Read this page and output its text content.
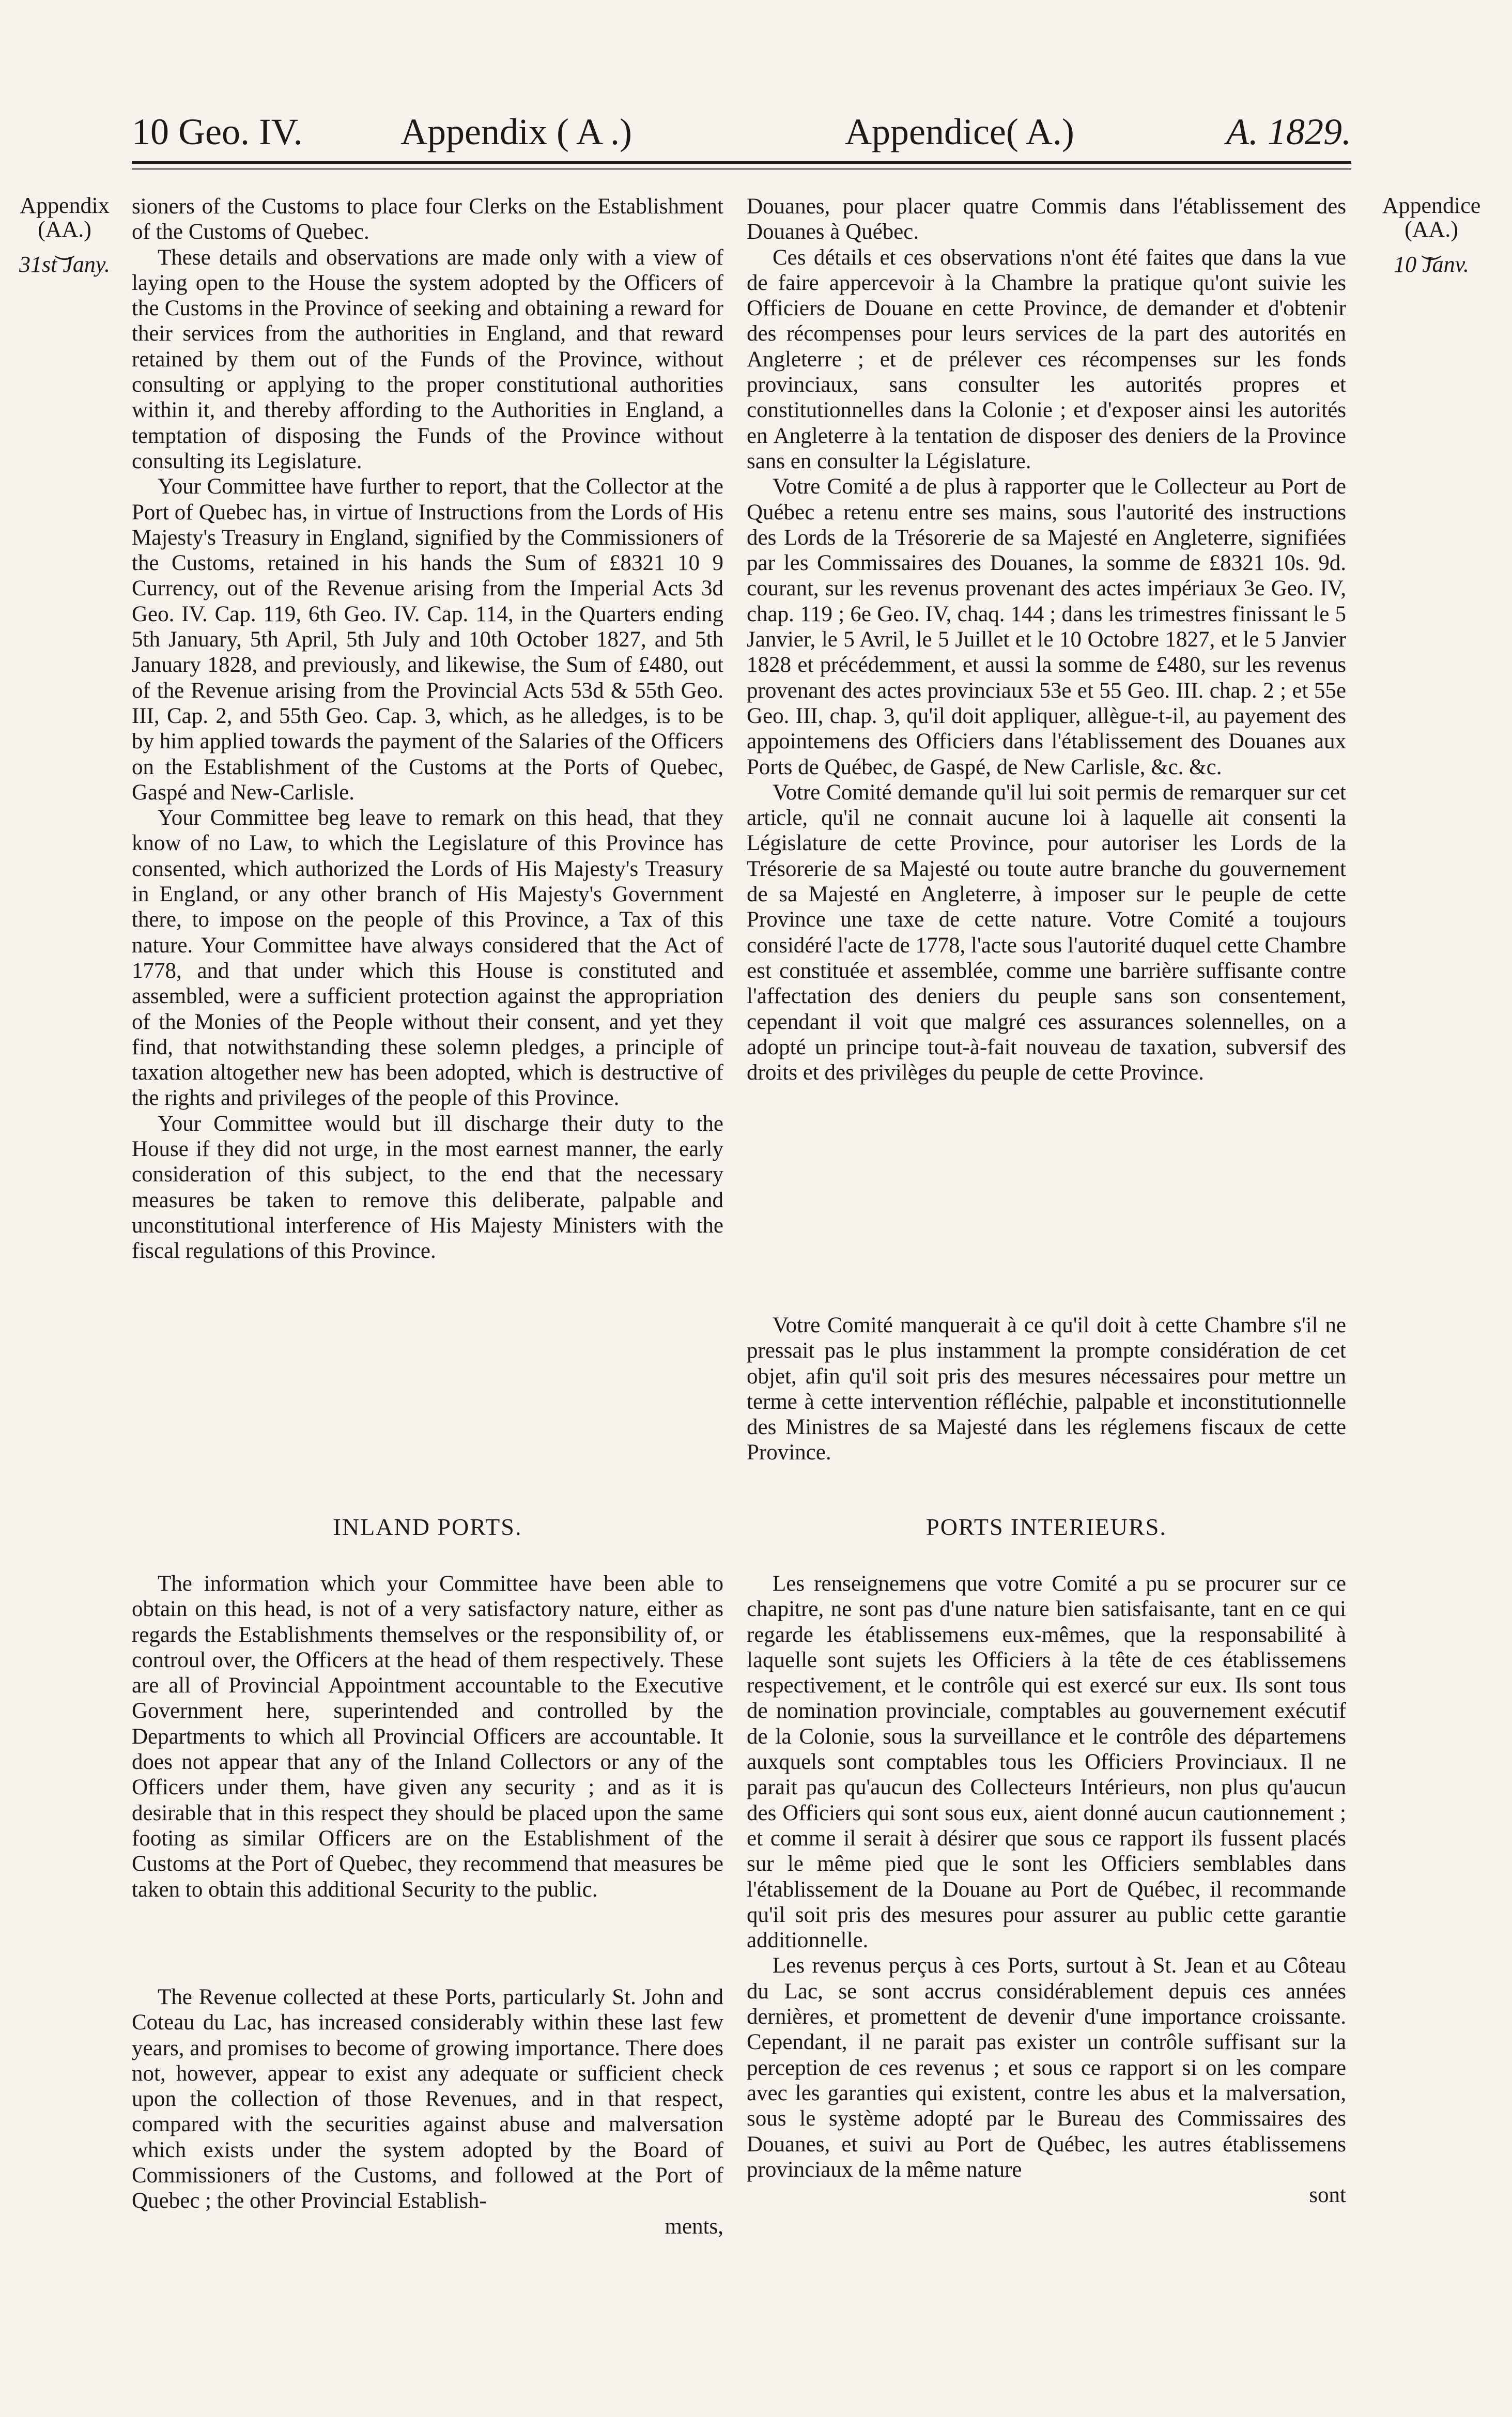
10 Geo. IV.	Appendix ( A .)	Appendice( A.)	A. 1829.
Appendix
(AA.)
⏝
31st Jany.
Appendice
(AA.)
⏝
10 Janv.

sioners of the Customs to place four Clerks on the Establishment of the Customs of Quebec.

These details and observations are made only with a view of laying open to the House the system adopted by the Officers of the Customs in the Province of seeking and obtaining a reward for their services from the authorities in England, and that reward retained by them out of the Funds of the Province, without consulting or applying to the proper constitutional authorities within it, and thereby affording to the Authorities in England, a temptation of disposing the Funds of the Province without consulting its Legislature.

Your Committee have further to report, that the Collector at the Port of Quebec has, in virtue of Instructions from the Lords of His Majesty's Treasury in England, signified by the Commissioners of the Customs, retained in his hands the Sum of £8321 10 9 Currency, out of the Revenue arising from the Imperial Acts 3d Geo. IV. Cap. 119, 6th Geo. IV. Cap. 114, in the Quarters ending 5th January, 5th April, 5th July and 10th October 1827, and 5th January 1828, and previously, and likewise, the Sum of £480, out of the Revenue arising from the Provincial Acts 53d & 55th Geo. III, Cap. 2, and 55th Geo. Cap. 3, which, as he alledges, is to be by him applied towards the payment of the Salaries of the Officers on the Establishment of the Customs at the Ports of Quebec, Gaspé and New-Carlisle.

Your Committee beg leave to remark on this head, that they know of no Law, to which the Legislature of this Province has consented, which authorized the Lords of His Majesty's Treasury in England, or any other branch of His Majesty's Government there, to impose on the people of this Province, a Tax of this nature. Your Committee have always considered that the Act of 1778, and that under which this House is constituted and assembled, were a sufficient protection against the appropriation of the Monies of the People without their consent, and yet they find, that notwithstanding these solemn pledges, a principle of taxation altogether new has been adopted, which is destructive of the rights and privileges of the people of this Province.

Your Committee would but ill discharge their duty to the House if they did not urge, in the most earnest manner, the early consideration of this subject, to the end that the necessary measures be taken to remove this deliberate, palpable and unconstitutional interference of His Majesty Ministers with the fiscal regulations of this Province.

INLAND PORTS.

The information which your Committee have been able to obtain on this head, is not of a very satisfactory nature, either as regards the Establishments themselves or the responsibility of, or controul over, the Officers at the head of them respectively. These are all of Provincial Appointment accountable to the Executive Government here, superintended and controlled by the Departments to which all Provincial Officers are accountable. It does not appear that any of the Inland Collectors or any of the Officers under them, have given any security ; and as it is desirable that in this respect they should be placed upon the same footing as similar Officers are on the Establishment of the Customs at the Port of Quebec, they recommend that measures be taken to obtain this additional Security to the public.

The Revenue collected at these Ports, particularly St. John and Coteau du Lac, has increased considerably within these last few years, and promises to become of growing importance. There does not, however, appear to exist any adequate or sufficient check upon the collection of those Revenues, and in that respect, compared with the securities against abuse and malversation which exists under the system adopted by the Board of Commissioners of the Customs, and followed at the Port of Quebec ; the other Provincial Establish-

ments,

Douanes, pour placer quatre Commis dans l'établissement des Douanes à Québec.

Ces détails et ces observations n'ont été faites que dans la vue de faire appercevoir à la Chambre la pratique qu'ont suivie les Officiers de Douane en cette Province, de demander et d'obtenir des récompenses pour leurs services de la part des autorités en Angleterre ; et de prélever ces récompenses sur les fonds provinciaux, sans consulter les autorités propres et constitutionnelles dans la Colonie ; et d'exposer ainsi les autorités en Angleterre à la tentation de disposer des deniers de la Province sans en consulter la Législature.

Votre Comité a de plus à rapporter que le Collecteur au Port de Québec a retenu entre ses mains, sous l'autorité des instructions des Lords de la Trésorerie de sa Majesté en Angleterre, signifiées par les Commissaires des Douanes, la somme de £8321 10s. 9d. courant, sur les revenus provenant des actes impériaux 3e Geo. IV, chap. 119 ; 6e Geo. IV, chaq. 144 ; dans les trimestres finissant le 5 Janvier, le 5 Avril, le 5 Juillet et le 10 Octobre 1827, et le 5 Janvier 1828 et précédemment, et aussi la somme de £480, sur les revenus provenant des actes provinciaux 53e et 55 Geo. III. chap. 2 ; et 55e Geo. III, chap. 3, qu'il doit appliquer, allègue-t-il, au payement des appointemens des Officiers dans l'établissement des Douanes aux Ports de Québec, de Gaspé, de New Carlisle, &c. &c.

Votre Comité demande qu'il lui soit permis de remarquer sur cet article, qu'il ne connait aucune loi à laquelle ait consenti la Législature de cette Province, pour autoriser les Lords de la Trésorerie de sa Majesté ou toute autre branche du gouvernement de sa Majesté en Angleterre, à imposer sur le peuple de cette Province une taxe de cette nature. Votre Comité a toujours considéré l'acte de 1778, l'acte sous l'autorité duquel cette Chambre est constituée et assemblée, comme une barrière suffisante contre l'affectation des deniers du peuple sans son consentement, cependant il voit que malgré ces assurances solennelles, on a adopté un principe tout-à-fait nouveau de taxation, subversif des droits et des privilèges du peuple de cette Province.

Votre Comité manquerait à ce qu'il doit à cette Chambre s'il ne pressait pas le plus instamment la prompte considération de cet objet, afin qu'il soit pris des mesures nécessaires pour mettre un terme à cette intervention réfléchie, palpable et inconstitutionnelle des Ministres de sa Majesté dans les réglemens fiscaux de cette Province.

PORTS INTERIEURS.

Les renseignemens que votre Comité a pu se procurer sur ce chapitre, ne sont pas d'une nature bien satisfaisante, tant en ce qui regarde les établissemens eux-mêmes, que la responsabilité à laquelle sont sujets les Officiers à la tête de ces établissemens respectivement, et le contrôle qui est exercé sur eux. Ils sont tous de nomination provinciale, comptables au gouvernement exécutif de la Colonie, sous la surveillance et le contrôle des départemens auxquels sont comptables tous les Officiers Provinciaux. Il ne parait pas qu'aucun des Collecteurs Intérieurs, non plus qu'aucun des Officiers qui sont sous eux, aient donné aucun cautionnement ; et comme il serait à désirer que sous ce rapport ils fussent placés sur le même pied que le sont les Officiers semblables dans l'établissement de la Douane au Port de Québec, il recommande qu'il soit pris des mesures pour assurer au public cette garantie additionnelle.

Les revenus perçus à ces Ports, surtout à St. Jean et au Côteau du Lac, se sont accrus considérablement depuis ces années dernières, et promettent de devenir d'une importance croissante. Cependant, il ne parait pas exister un contrôle suffisant sur la perception de ces revenus ; et sous ce rapport si on les compare avec les garanties qui existent, contre les abus et la malversation, sous le système adopté par le Bureau des Commissaires des Douanes, et suivi au Port de Québec, les autres établissemens provinciaux de la même nature

sont
